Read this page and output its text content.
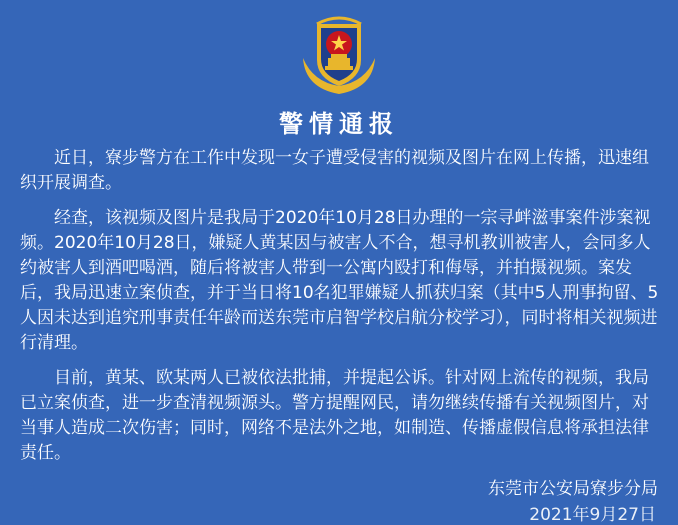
警情通报

近日，寮步警方在工作中发现一女子遭受侵害的视频及图片在网上传播，迅速组织开展调查。

经查，该视频及图片是我局于2020年10月28日办理的一宗寻衅滋事案件涉案视频。2020年10月28日，嫌疑人黄某因与被害人不合，想寻机教训被害人，会同多人约被害人到酒吧喝酒，随后将被害人带到一公寓内殴打和侮辱，并拍摄视频。案发后，我局迅速立案侦查，并于当日将10名犯罪嫌疑人抓获归案（其中5人刑事拘留、5人因未达到追究刑事责任年龄而送东莞市启智学校启航分校学习），同时将相关视频进行清理。

目前，黄某、欧某两人已被依法批捕，并提起公诉。针对网上流传的视频，我局已立案侦查，进一步查清视频源头。警方提醒网民，请勿继续传播有关视频图片，对当事人造成二次伤害；同时，网络不是法外之地，如制造、传播虚假信息将承担法律责任。

东莞市公安局寮步分局
2021年9月27日
